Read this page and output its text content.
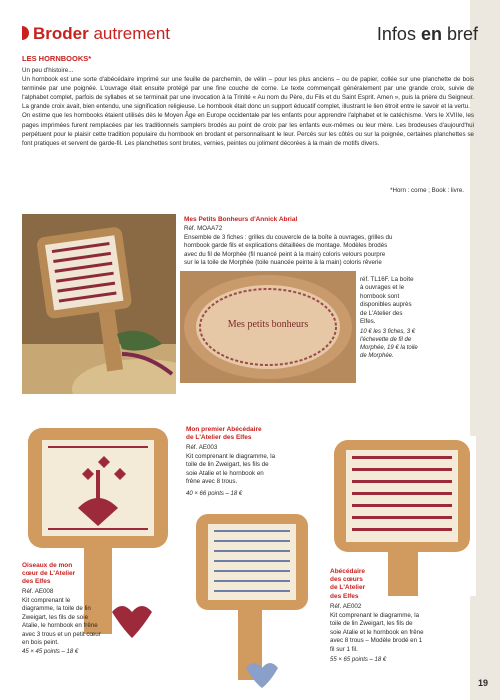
Broder autrement	Infos en bref
LES HORNBOOKS*

Un peu d'histoire...

Un hornbook est une sorte d'abécédaire imprimé sur une feuille de parchemin, de vélin – pour les plus anciens – ou de papier, collée sur une planchette de bois terminée par une poignée. L'ouvrage était ensuite protégé par une fine couche de corne. Le texte commençait généralement par une grande croix, suivie de l'alphabet complet, parfois de syllabes et se terminait par une invocation à la Trinité « Au nom du Père, du Fils et du Saint Esprit. Amen », puis la prière du Seigneur. La grande croix avait, bien entendu, une signification religieuse. Le hornbook était donc un support éducatif complet, illustrant le lien étroit entre le savoir et la vertu.

On estime que les hornbooks étaient utilisés dès le Moyen Âge en Europe occidentale par les enfants pour apprendre l'alphabet et le catéchisme. Vers le XVIIIe, les pages imprimées furent remplacées par les traditionnels samplers brodés au point de croix par les enfants eux-mêmes ou leur mère. Les brodeuses d'aujourd'hui perpétuent pour le plaisir cette tradition populaire du hornbook en brodant et personnalisant le leur. Percés sur les côtés ou sur la poignée, certaines planchettes se font pratiques et servent de garde-fil. Les planchettes sont brutes, vernies, peintes ou joliment décorées à la main de motifs divers.

*Horn : corne ; Book : livre.
Mes Petits Bonheurs d'Annick Abrial
Réf. MOAA72
Ensemble de 3 fiches : grilles du couvercle de la boîte à ouvrages, grilles du
hornbook garde fils et explications détaillées de montage. Modèles brodés
avec du fil de Morphée (fil nuancé peint à la main) coloris velours pourpre
sur le la toile de Morphée (toile nuancée peinte à la main) coloris rêverie
Mes petits bonheurs
réf. TL16F. La boîte
à ouvrages et le
hornbook sont
disponibles auprès
de L'Atelier des
Elfes.
10 € les 3 fiches, 3 €
l'échevette de fil de
Morphée, 19 € la toile
de Morphée.
Mon premier Abécédaire
de L'Atelier des Elfes
Réf. AE003
Kit comprenant le diagramme, la
toile de lin Zweigart, les fils de
soie Atalie et le hornbook en
frêne avec 8 trous.
40 × 66 points – 18 €
Oiseaux de mon
cœur de L'Atelier
des Elfes
Réf. AE008
Kit comprenant le
diagramme, la toile de lin
Zweigart, les fils de soie
Atalie, le hornbook en frêne
avec 3 trous et un petit cœur
en bois peint.
45 × 45 points – 18 €
Abécédaire
des cœurs
de L'Atelier
des Elfes
Réf. AE002
Kit comprenant le diagramme, la
toile de lin Zweigart, les fils de
soie Atalie et le hornbook en frêne
avec 8 trous – Modèle brodé en 1
fil sur 1 fil.
55 × 65 points – 18 €
19
